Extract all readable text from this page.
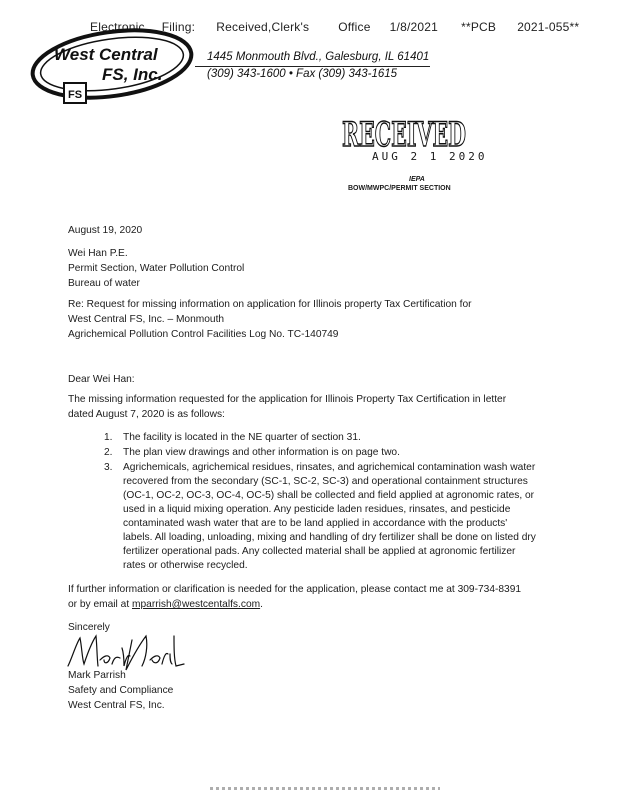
Electronic Filing: Received,Clerk's Office 1/8/2021 **PCB 2021-055**
West Central
FS, Inc.
FS
1445 Monmouth Blvd., Galesburg, IL 61401
(309) 343-1600 • Fax (309) 343-1615
RECEIVED
AUG 2 1 2020
IEPA
BOW/MWPC/PERMIT SECTION
August 19, 2020
Wei Han P.E.
Permit Section, Water Pollution Control
Bureau of water
Re: Request for missing information on application for Illinois property Tax Certification for
West Central FS, Inc. – Monmouth
Agrichemical Pollution Control Facilities Log No. TC-140749
Dear Wei Han:
The missing information requested for the application for Illinois Property Tax Certification in letter
dated August 7, 2020 is as follows:
1. The facility is located in the NE quarter of section 31.
2. The plan view drawings and other information is on page two.
3. Agrichemicals, agrichemical residues, rinsates, and agrichemical contamination wash water
recovered from the secondary (SC-1, SC-2, SC-3) and operational containment structures
(OC-1, OC-2, OC-3, OC-4, OC-5) shall be collected and field applied at agronomic rates, or
used in a liquid mixing operation. Any pesticide laden residues, rinsates, and pesticide
contaminated wash water that are to be land applied in accordance with the products'
labels. All loading, unloading, mixing and handling of dry fertilizer shall be done on listed dry
fertilizer operational pads. Any collected material shall be applied at agronomic fertilizer
rates or otherwise recycled.
If further information or clarification is needed for the application, please contact me at 309-734-8391
or by email at mparrish@westcentalfs.com.
Sincerely
Mark Parrish
Safety and Compliance
West Central FS, Inc.
